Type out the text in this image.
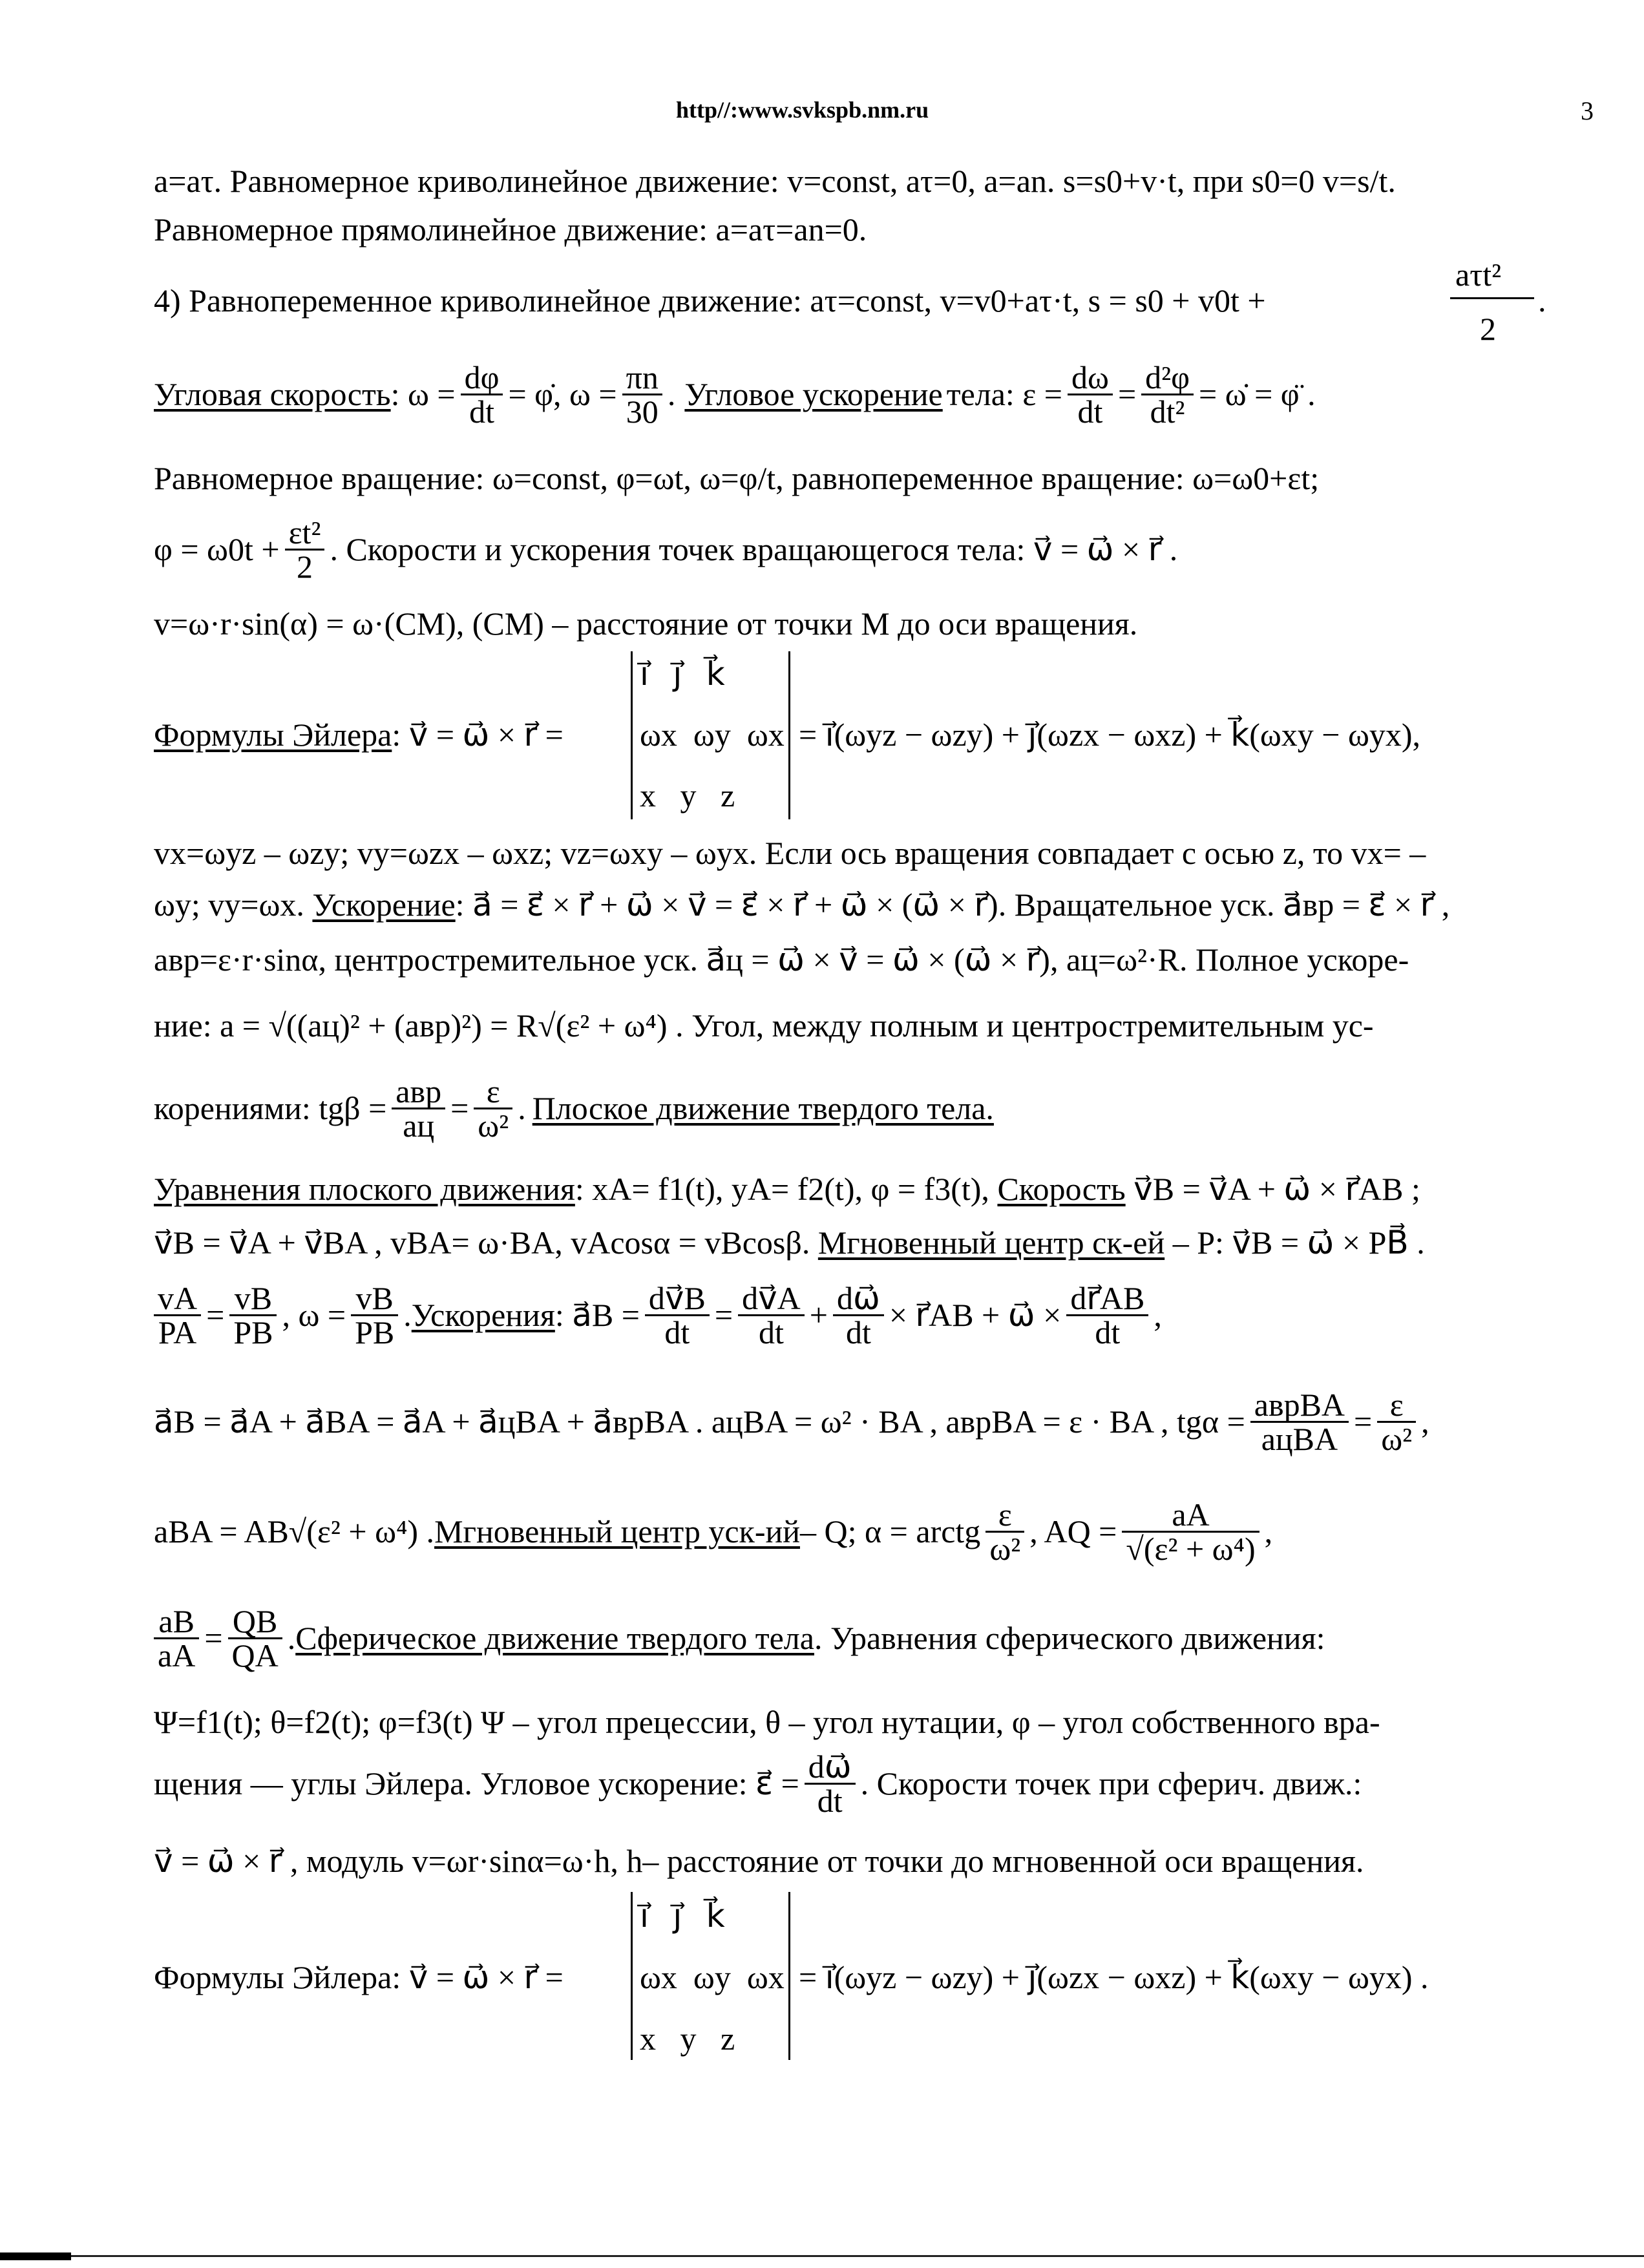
http//:www.svkspb.nm.ru	3
a=aτ. Равномерное криволинейное движение: v=const, aτ=0, a=an. s=s0+v·t, при s0=0 v=s/t.
Равномерное прямолинейное движение: a=aτ=an=0.
aτt²
4) Равнопеременное криволинейное движение: aτ=const, v=v0+aτ·t, s = s0 + v0t +	.
2
Угловая скорость : $\omega = \frac{d\varphi}{dt}$ = φ̇, $\omega = \frac{\pi n}{30}$ . Угловое ускорение тела: $\varepsilon = \frac{d\omega}{dt} = \frac{\text{d²φ}}{\text{dt²}}$ = ω̇ = φ̈ .
Равномерное вращение: ω=const, φ=ωt, ω=φ/t, равнопеременное вращение: ω=ω0+εt;
$\varphi = \omega 0t + \frac{\text{εt²}}{2}$ . Скорости и ускорения точек вращающегося тела: v⃗ = ω⃗ × r⃗ .
v=ω·r·sin(α) = ω·(CM), (CM) – расстояние от точки M до оси вращения.
Формулы Эйлера: v⃗ = ω⃗ × r⃗ =
i⃗   j⃗   k⃗
ωx  ωy  ωx
x   y   z
= i⃗(ωyz − ωzy) + j⃗(ωzx − ωxz) + k⃗(ωxy − ωyx),
vx=ωyz – ωzy; vy=ωzx – ωxz; vz=ωxy – ωyx. Если ось вращения совпадает с осью z, то vx= –
ωy; vy=ωx. Ускорение: a⃗ = ε⃗ × r⃗ + ω⃗ × v⃗ = ε⃗ × r⃗ + ω⃗ × (ω⃗ × r⃗). Вращательное уск. a⃗вр = ε⃗ × r⃗ ,
aвр=ε·r·sinα, центростремительное уск. a⃗ц = ω⃗ × v⃗ = ω⃗ × (ω⃗ × r⃗), aц=ω²·R. Полное ускоре-
ние: a = √((aц)² + (aвр)²) = R√(ε² + ω⁴) . Угол, между полным и центростремительным ус-
корениями: tgβ = aвр
aц = $\frac{\varepsilon}{\text{ω²}}$ . Плоское движение твердого тела.
Уравнения плоского движения: xA= f1(t), yA= f2(t), φ = f3(t), Скорость v⃗B = v⃗A + ω⃗ × r⃗AB ;
v⃗B = v⃗A + v⃗BA , vBA= ω·BA, vAcosα = vBcosβ. Мгновенный центр ск-ей – P: v⃗B = ω⃗ × PB⃗ .
$\frac{vA}{PA} = \frac{vB}{PB}$ , $\omega = \frac{vB}{PB}$ . Ускорения : a⃗B = $\frac{dv⃗B}{dt} = \frac{dv⃗A}{dt} + \frac{d\omega⃗}{dt}$ × r⃗AB + ω⃗ × $\frac{dr⃗AB}{dt}$ ,
a⃗B = a⃗A + a⃗BA = a⃗A + a⃗цBA + a⃗врBA . aцBA = ω² · BA , aврBA = ε · BA , tgα = aврBA
aцBA = $\frac{\varepsilon}{\text{ω²}}$ ,
aBA = AB√(ε² + ω⁴) . Мгновенный центр уск-ий – Q; α = arctg $\frac{\varepsilon}{\text{ω²}}$ , AQ = $\frac{aA}{\text{√(ε² + ω⁴)}}$ ,
$\frac{aB}{aA} = \frac{QB}{QA}$ . Сферическое движение твердого тела . Уравнения сферического движения:
Ψ=f1(t); θ=f2(t); φ=f3(t) Ψ – угол прецессии, θ – угол нутации, φ – угол собственного вра-
щения — углы Эйлера. Угловое ускорение: ε⃗ = $\frac{d\omega⃗}{dt}$ . Скорости точек при сферич. движ.:
v⃗ = ω⃗ × r⃗ , модуль v=ωr·sinα=ω·h, h– расстояние от точки до мгновенной оси вращения.
Формулы Эйлера: v⃗ = ω⃗ × r⃗ =
i⃗   j⃗   k⃗
ωx  ωy  ωx
x   y   z
= i⃗(ωyz − ωzy) + j⃗(ωzx − ωxz) + k⃗(ωxy − ωyx) .
